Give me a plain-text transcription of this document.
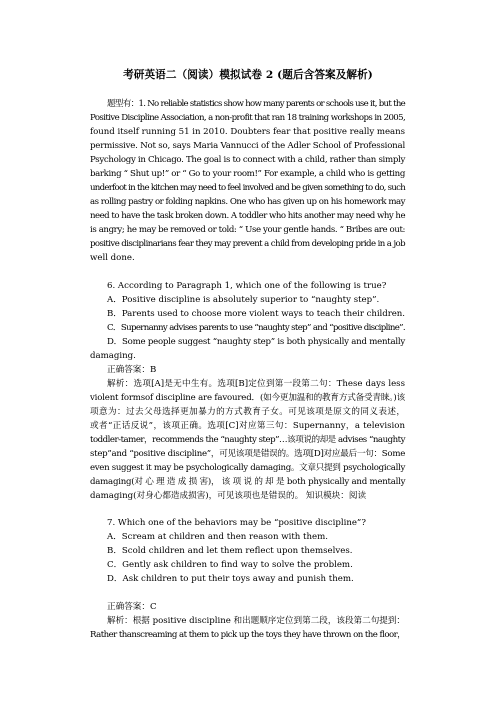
考研英语二（阅读）模拟试卷 2 (题后含答案及解析)
题型有：1. No reliable statistics show how many parents or schools use it, but the
Positive Discipline Association, a non-profit that ran 18 training workshops in 2005,
found itself running 51 in 2010. Doubters fear that positive really means
permissive. Not so, says Maria Vannucci of the Adler School of Professional
Psychology in Chicago. The goal is to connect with a child, rather than simply
barking “ Shut up!” or “ Go to your room!” For example, a child who is getting
underfoot in the kitchen may need to feel involved and be given something to do, such
as rolling pastry or folding napkins. One who has given up on his homework may
need to have the task broken down. A toddler who hits another may need why he
is angry; he may be removed or told: “ Use your gentle hands. “ Bribes are out:
positive disciplinarians fear they may prevent a child from developing pride in a job
well done.
6. According to Paragraph 1, which one of the following is true?
A．Positive discipline is absolutely superior to “naughty step”.
B．Parents used to choose more violent ways to teach their children.
C．Supernanny advises parents to use “naughty step” and “positive discipline”.
D．Some people suggest “naughty step” is both physically and mentally
damaging.
正确答案：B
解析：选项[A]是无中生有。选项[B]定位到第一段第二句：These days less
violent formsof discipline are favoured．(如今更加温和的教育方式备受青睐。)该
项意为：过去父母选择更加暴力的方式教育子女。可见该项是原文的同义表述，
或者“正话反说”，该项正确。选项[C]对应第三句：Supernanny，a television
toddler-tamer，recommends the “naughty step”…该项说的却是 advises “naughty
step”and “positive discipline”，可见该项是错误的。选项[D]对应最后一句：Some
even suggest it may be psychologically damaging。文章只提到 psychologically
damaging(对 心 理 造 成 损 害)， 该 项 说 的 却 是 both physically and mentally
damaging(对身心都造成损害)，可见该项也是错误的。 知识模块：阅读
7. Which one of the behaviors may be “positive discipline”?
A．Scream at children and then reason with them.
B．Scold children and let them reflect upon themselves.
C．Gently ask children to find way to solve the problem.
D．Ask children to put their toys away and punish them.
正确答案：C
解析：根据 positive discipline 和出题顺序定位到第二段，该段第二句提到：
Rather thanscreaming at them to pick up the toys they have thrown on the floor，
